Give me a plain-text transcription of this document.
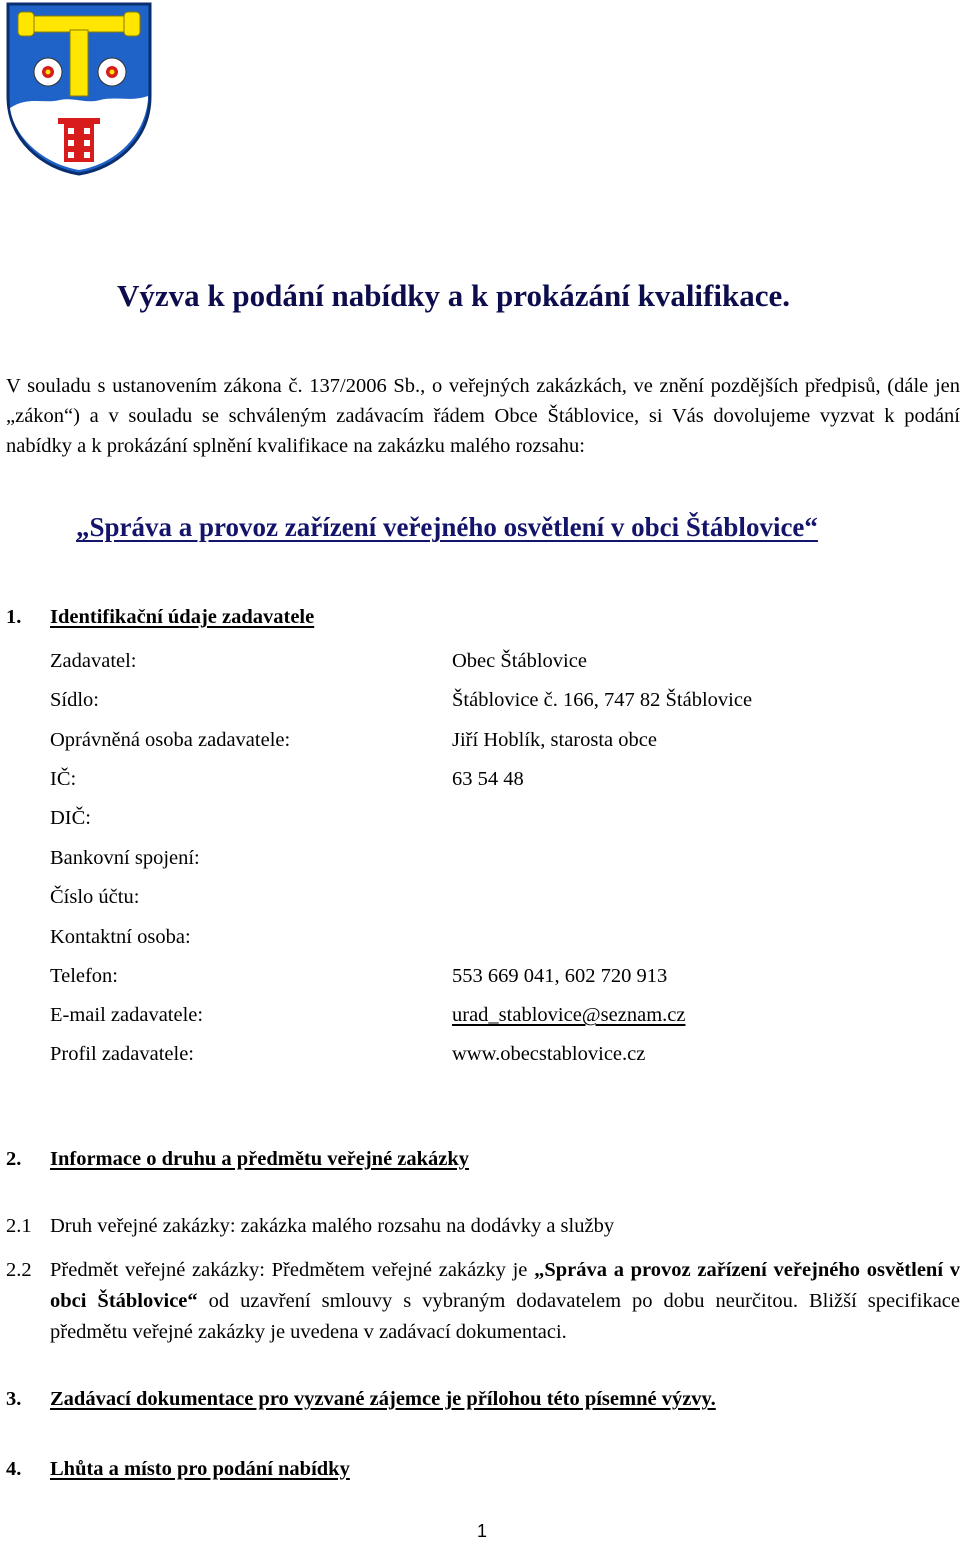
Výzva k podání nabídky a k prokázání kvalifikace.
V souladu s ustanovením zákona č. 137/2006 Sb., o veřejných zakázkách, ve znění pozdějších předpisů, (dále jen „zákon“) a v souladu se schváleným zadávacím řádem Obce Štáblovice, si Vás dovolujeme vyzvat k podání nabídky a k prokázání splnění kvalifikace na zakázku malého rozsahu:
„Správa a provoz zařízení veřejného osvětlení v obci Štáblovice“
1. Identifikační údaje zadavatele
Zadavatel:	Obec Štáblovice
Sídlo:	Štáblovice č. 166, 747 82 Štáblovice
Oprávněná osoba zadavatele:	Jiří Hoblík, starosta obce
IČ:	63 54 48
DIČ:
Bankovní spojení:
Číslo účtu:
Kontaktní osoba:
Telefon:	553 669 041, 602 720 913
E-mail zadavatele:	urad_stablovice@seznam.cz
Profil zadavatele:	www.obecstablovice.cz
2. Informace o druhu a předmětu veřejné zakázky
2.1 Druh veřejné zakázky: zakázka malého rozsahu na dodávky a služby
2.2 Předmět veřejné zakázky: Předmětem veřejné zakázky je „Správa a provoz zařízení veřejného osvětlení v obci Štáblovice“ od uzavření smlouvy s vybraným dodavatelem po dobu neurčitou. Bližší specifikace předmětu veřejné zakázky je uvedena v zadávací dokumentaci.
3. Zadávací dokumentace pro vyzvané zájemce je přílohou této písemné výzvy.
4. Lhůta a místo pro podání nabídky
1
